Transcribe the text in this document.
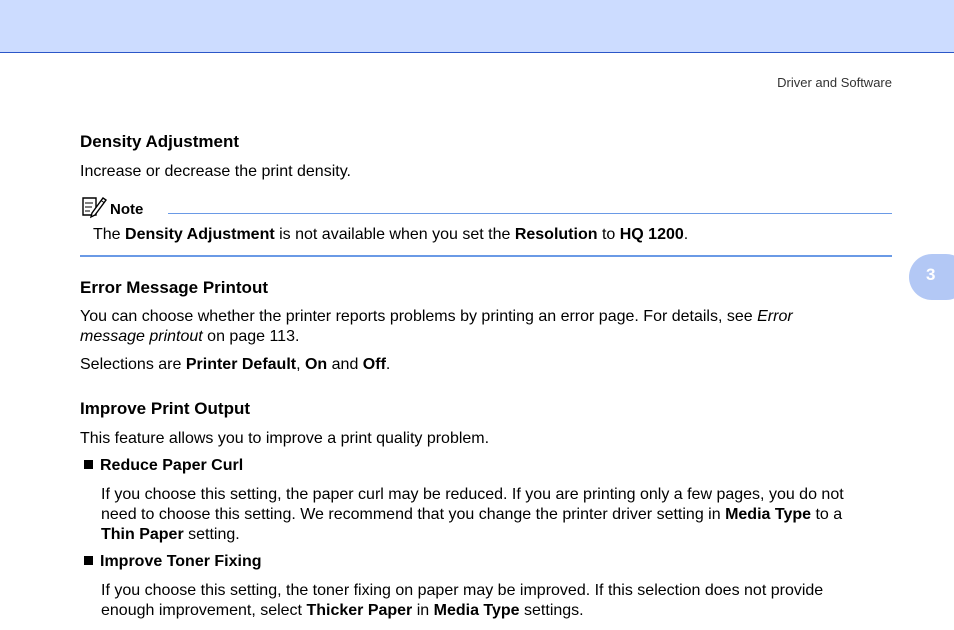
Driver and Software
3
Density Adjustment
Increase or decrease the print density.
Note
The Density Adjustment is not available when you set the Resolution to HQ 1200.
Error Message Printout
You can choose whether the printer reports problems by printing an error page. For details, see Error
message printout on page 113.
Selections are Printer Default, On and Off.
Improve Print Output
This feature allows you to improve a print quality problem.
Reduce Paper Curl
If you choose this setting, the paper curl may be reduced. If you are printing only a few pages, you do not
need to choose this setting. We recommend that you change the printer driver setting in Media Type to a
Thin Paper setting.
Improve Toner Fixing
If you choose this setting, the toner fixing on paper may be improved. If this selection does not provide
enough improvement, select Thicker Paper in Media Type settings.
